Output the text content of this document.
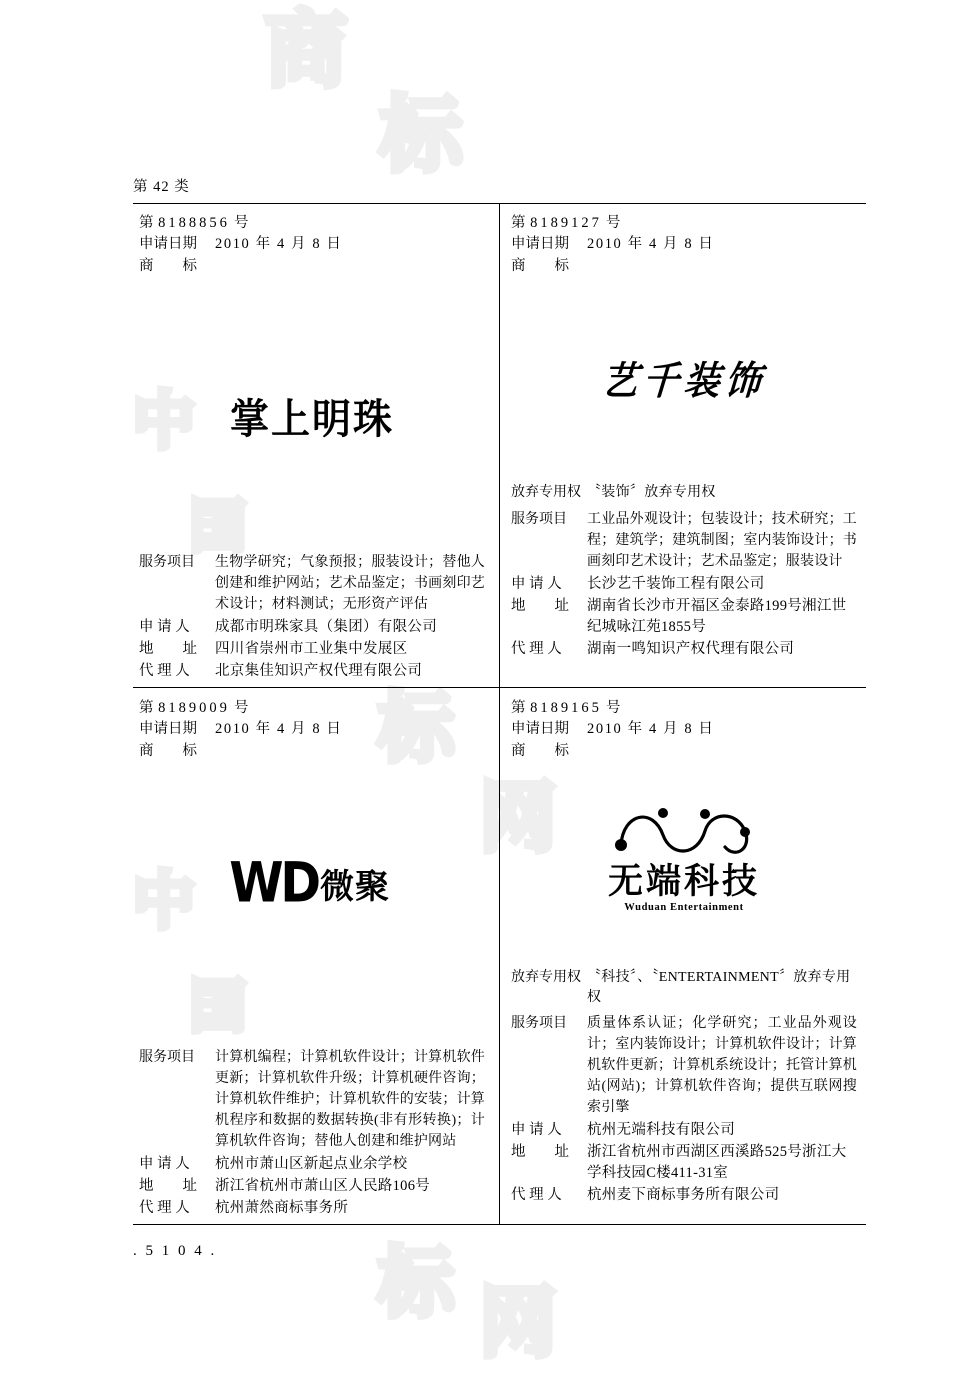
商
标
中
国
中
国
标
网
标 网
第 42 类
第 8188856 号
申请日期	2010 年 4 月 8 日
商　　标
掌上明珠
服务项目	生物学研究；气象预报；服装设计；替他人创建和维护网站；艺术品鉴定；书画刻印艺术设计；材料测试；无形资产评估
申 请 人	成都市明珠家具（集团）有限公司
地　　址	四川省崇州市工业集中发展区
代 理 人	北京集佳知识产权代理有限公司
第 8189127 号
申请日期	2010 年 4 月 8 日
商　　标
艺千装饰
放弃专用权 〝装饰〞放弃专用权
服务项目	工业品外观设计；包装设计；技术研究；工程；建筑学；建筑制图；室内装饰设计；书画刻印艺术设计；艺术品鉴定；服装设计
申 请 人	长沙艺千装饰工程有限公司
地　　址	湖南省长沙市开福区金泰路199号湘江世纪城咏江苑1855号
代 理 人	湖南一鸣知识产权代理有限公司
第 8189009 号
申请日期	2010 年 4 月 8 日
商　　标
WD 微聚
服务项目	计算机编程；计算机软件设计；计算机软件更新；计算机软件升级；计算机硬件咨询；计算机软件维护；计算机软件的安装；计算机程序和数据的数据转换(非有形转换)；计算机软件咨询；替他人创建和维护网站
申 请 人	杭州市萧山区新起点业余学校
地　　址	浙江省杭州市萧山区人民路106号
代 理 人	杭州萧然商标事务所
第 8189165 号
申请日期	2010 年 4 月 8 日
商　　标
无端科技
Wuduan Entertainment
放弃专用权 〝科技〞、〝ENTERTAINMENT〞放弃专用权
服务项目	质量体系认证；化学研究；工业品外观设计；室内装饰设计；计算机软件设计；计算机软件更新；计算机系统设计；托管计算机站(网站)；计算机软件咨询；提供互联网搜索引擎
申 请 人	杭州无端科技有限公司
地　　址	浙江省杭州市西湖区西溪路525号浙江大学科技园C楼411-31室
代 理 人	杭州麦下商标事务所有限公司
. 5 1 0 4 .
